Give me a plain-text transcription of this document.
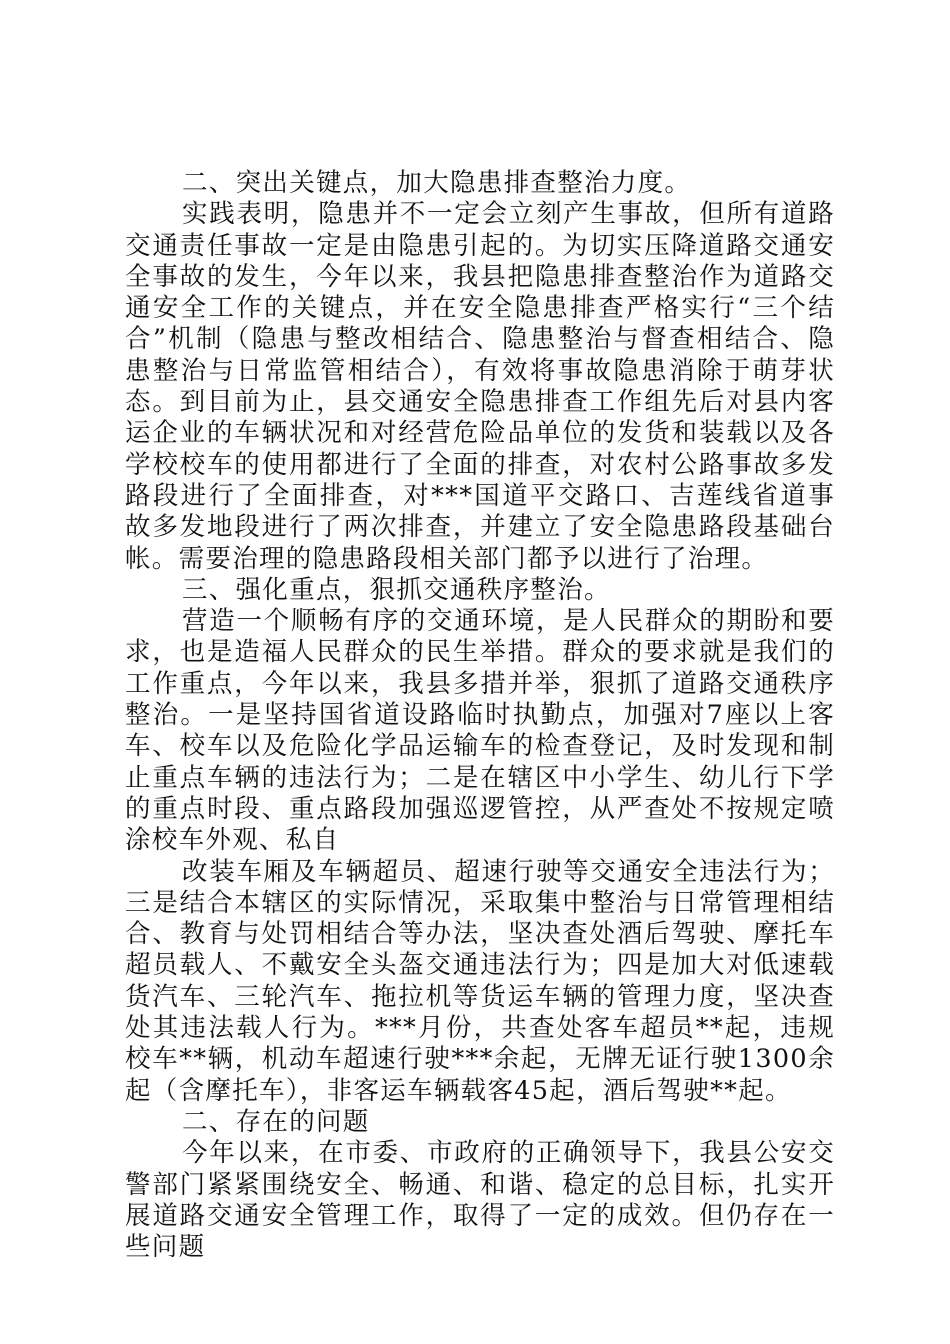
二、突出关键点，加大隐患排查整治力度。

实践表明，隐患并不一定会立刻产生事故，但所有道路交通责任事故一定是由隐患引起的。为切实压降道路交通安全事故的发生，今年以来，我县把隐患排查整治作为道路交通安全工作的关键点，并在安全隐患排查严格实行“三个结合”机制（隐患与整改相结合、隐患整治与督查相结合、隐患整治与日常监管相结合），有效将事故隐患消除于萌芽状态。到目前为止，县交通安全隐患排查工作组先后对县内客运企业的车辆状况和对经营危险品单位的发货和装载以及各学校校车的使用都进行了全面的排查，对农村公路事故多发路段进行了全面排查，对***国道平交路口、吉莲线省道事故多发地段进行了两次排查，并建立了安全隐患路段基础台帐。需要治理的隐患路段相关部门都予以进行了治理。

三、强化重点，狠抓交通秩序整治。

营造一个顺畅有序的交通环境，是人民群众的期盼和要求，也是造福人民群众的民生举措。群众的要求就是我们的工作重点，今年以来，我县多措并举，狠抓了道路交通秩序整治。一是坚持国省道设路临时执勤点，加强对7座以上客车、校车以及危险化学品运输车的检查登记，及时发现和制止重点车辆的违法行为；二是在辖区中小学生、幼儿行下学的重点时段、重点路段加强巡逻管控，从严查处不按规定喷涂校车外观、私自

改装车厢及车辆超员、超速行驶等交通安全违法行为；三是结合本辖区的实际情况，采取集中整治与日常管理相结合、教育与处罚相结合等办法，坚决查处酒后驾驶、摩托车超员载人、不戴安全头盔交通违法行为；四是加大对低速载货汽车、三轮汽车、拖拉机等货运车辆的管理力度，坚决查处其违法载人行为。***月份，共查处客车超员**起，违规校车**辆，机动车超速行驶***余起，无牌无证行驶1300余起（含摩托车），非客运车辆载客45起，酒后驾驶**起。

二、存在的问题

今年以来，在市委、市政府的正确领导下，我县公安交警部门紧紧围绕安全、畅通、和谐、稳定的总目标，扎实开展道路交通安全管理工作，取得了一定的成效。但仍存在一些问题
